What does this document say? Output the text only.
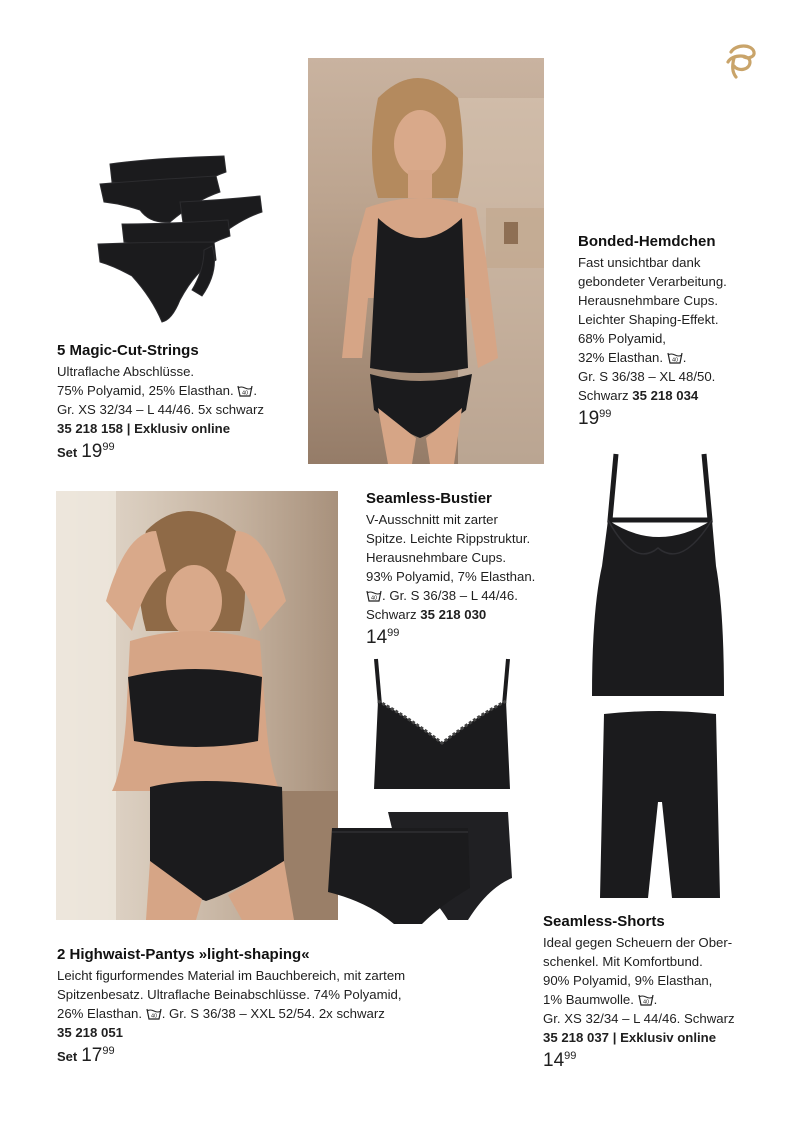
5 Magic-Cut-Strings
Ultraflache Abschlüsse.
75% Polyamid, 25% Elasthan. 40 .
Gr. XS 32/34 – L 44/46. 5x schwarz
35 218 158 | Exklusiv online
Set 1999
Bonded-Hemdchen
Fast unsichtbar dank
gebondeter Verarbeitung.
Herausnehmbare Cups.
Leichter Shaping-Effekt.
68% Polyamid,
32% Elasthan. 40 .
Gr. S 36/38 – XL 48/50.
Schwarz 35 218 034
1999
Seamless-Bustier
V-Ausschnitt mit zarter
Spitze. Leichte Rippstruktur.
Herausnehmbare Cups.
93% Polyamid, 7% Elasthan.
40 . Gr. S 36/38 – L 44/46.
Schwarz 35 218 030
1499
2 Highwaist-Pantys »light-shaping«
Leicht figurformendes Material im Bauchbereich, mit zartem
Spitzenbesatz. Ultraflache Beinabschlüsse. 74% Polyamid,
26% Elasthan. 40 . Gr. S 36/38 – XXL 52/54. 2x schwarz
35 218 051
Set 1799
Seamless-Shorts
Ideal gegen Scheuern der Ober-
schenkel. Mit Komfortbund.
90% Polyamid, 9% Elasthan,
1% Baumwolle. 40 .
Gr. XS 32/34 – L 44/46. Schwarz
35 218 037 | Exklusiv online
1499
